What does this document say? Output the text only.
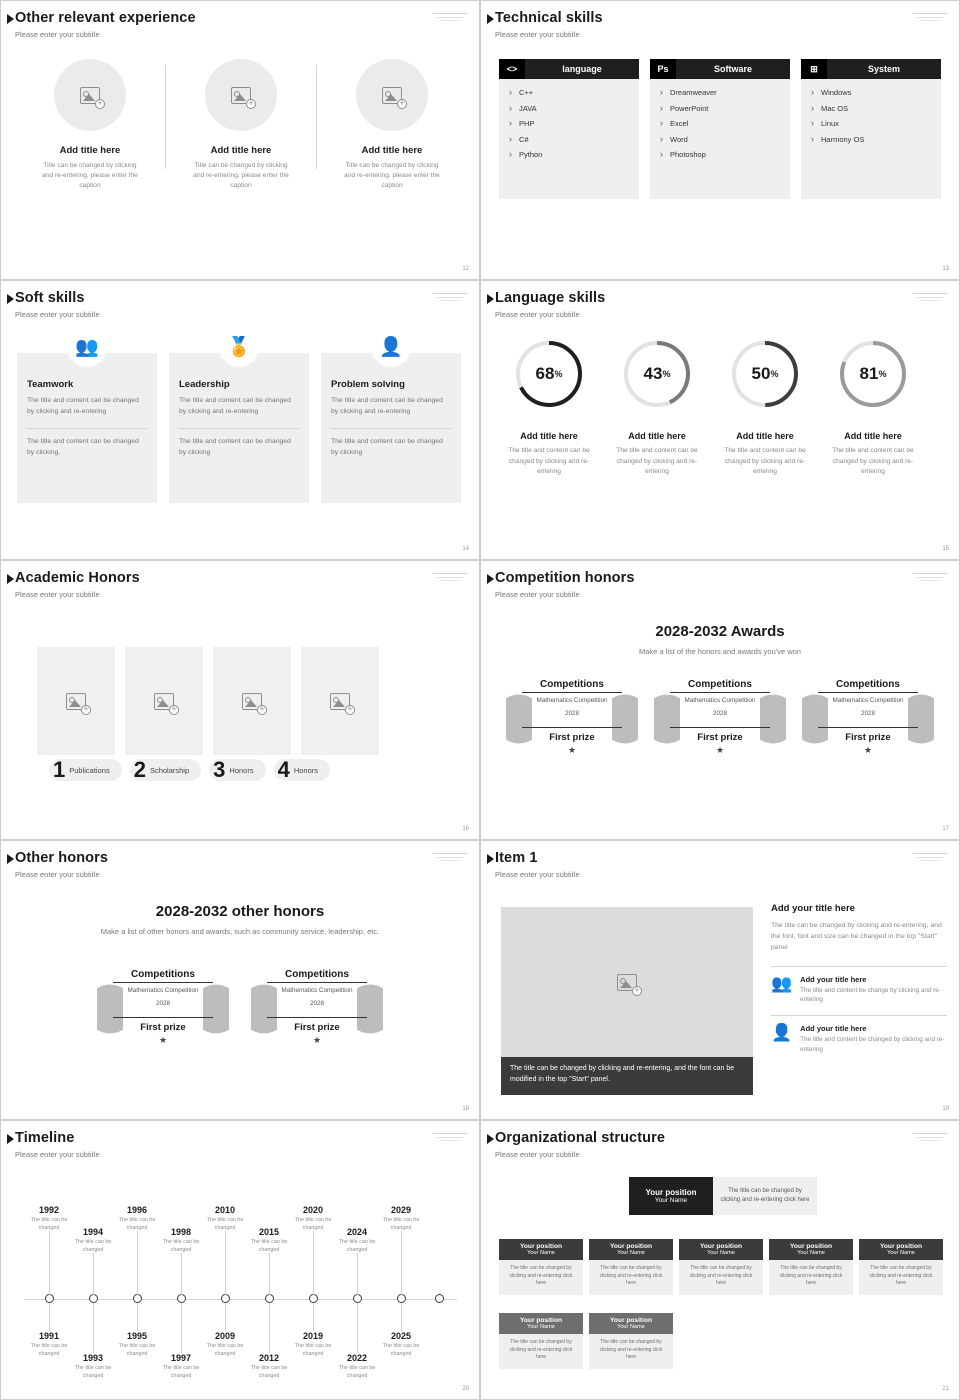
Other relevant experience
Please enter your subtitle
+
Add title here
Title can be changed by clicking and re-entering, please enter the caption
+
Add title here
Title can be changed by clicking and re-entering, please enter the caption
+
Add title here
Title can be changed by clicking and re-entering, please enter the caption
12
Technical skills
Please enter your subtitle
<>	language
› C++
› JAVA
› PHP
› C#
› Python
Ps	Software
› Dreamweaver
› PowerPoint
› Excel
› Word
› Photoshop
⊞	System
› Windows
› Mac OS
› Linux
› Harmony OS
13
Soft skills
Please enter your subtitle
👥
Teamwork
The title and content can be changed by clicking and re-entering
The title and content can be changed by clicking.
🏅
Leadership
The title and content can be changed by clicking and re-entering
The title and content can be changed by clicking
👤
Problem solving
The title and content can be changed by clicking and re-entering
The title and content can be changed by clicking
14
Language skills
Please enter your subtitle
68 %
Add title here
The title and content can be changed by clicking and re-entering
43 %
Add title here
The title and content can be changed by clicking and re-entering
50 %
Add title here
The title and content can be changed by clicking and re-entering
81 %
Add title here
The title and content can be changed by clicking and re-entering
15
Academic Honors
Please enter your subtitle
+	+	+	+
1 Publications 2 Scholarship 3 Honors 4 Honors
16
Competition honors
Please enter your subtitle
2028-2032 Awards
Make a list of the honors and awards you've won
Competitions
Mathematics Competition
2028
First prize
★
Competitions
Mathematics Competition
2028
First prize
★
Competitions
Mathematics Competition
2028
First prize
★
17
Other honors
Please enter your subtitle
2028-2032 other honors
Make a list of other honors and awards, such as community service, leadership, etc.
Competitions
Mathematics Competition
2028
First prize
★
Competitions
Mathematics Competition
2028
First prize
★
18
Item 1
Please enter your subtitle
+
The title can be changed by clicking and re-entering, and the font can be modified in the top "Start" panel.
Add your title here
The title can be changed by clicking and re-entering, and the font, font and size can be changed in the top "Start" panel
👥 Add your title here
The title and content be change by clicking and re-entering
👤 Add your title here
The title and content be changed by clicking and re-entering
19
Timeline
Please enter your subtitle
1992
The title can be changed
1996
The title can be changed
2010
The title can be changed
2020
The title can be changed
2029
The title can be changed
1994
The title can be changed
1998
The title can be changed
2015
The title can be changed
2024
The title can be changed
1991
The title can be changed
1995
The title can be changed
2009
The title can be changed
2019
The title can be changed
2025
The title can be changed
1993
The title can be changed
1997
The title can be changed
2012
The title can be changed
2022
The title can be changed
20
Organizational structure
Please enter your subtitle
Your position
Your Name
The title can be changed by clicking and re-entering click here
Your position
Your Name
The title can be changed by clicking and re-entering click here
Your position
Your Name
The title can be changed by clicking and re-entering click here
Your position
Your Name
The title can be changed by clicking and re-entering click here
Your position
Your Name
The title can be changed by clicking and re-entering click here
Your position
Your Name
The title can be changed by clicking and re-entering click here
Your position
Your Name
The title can be changed by clicking and re-entering click here
Your position
Your Name
The title can be changed by clicking and re-entering click here
21
